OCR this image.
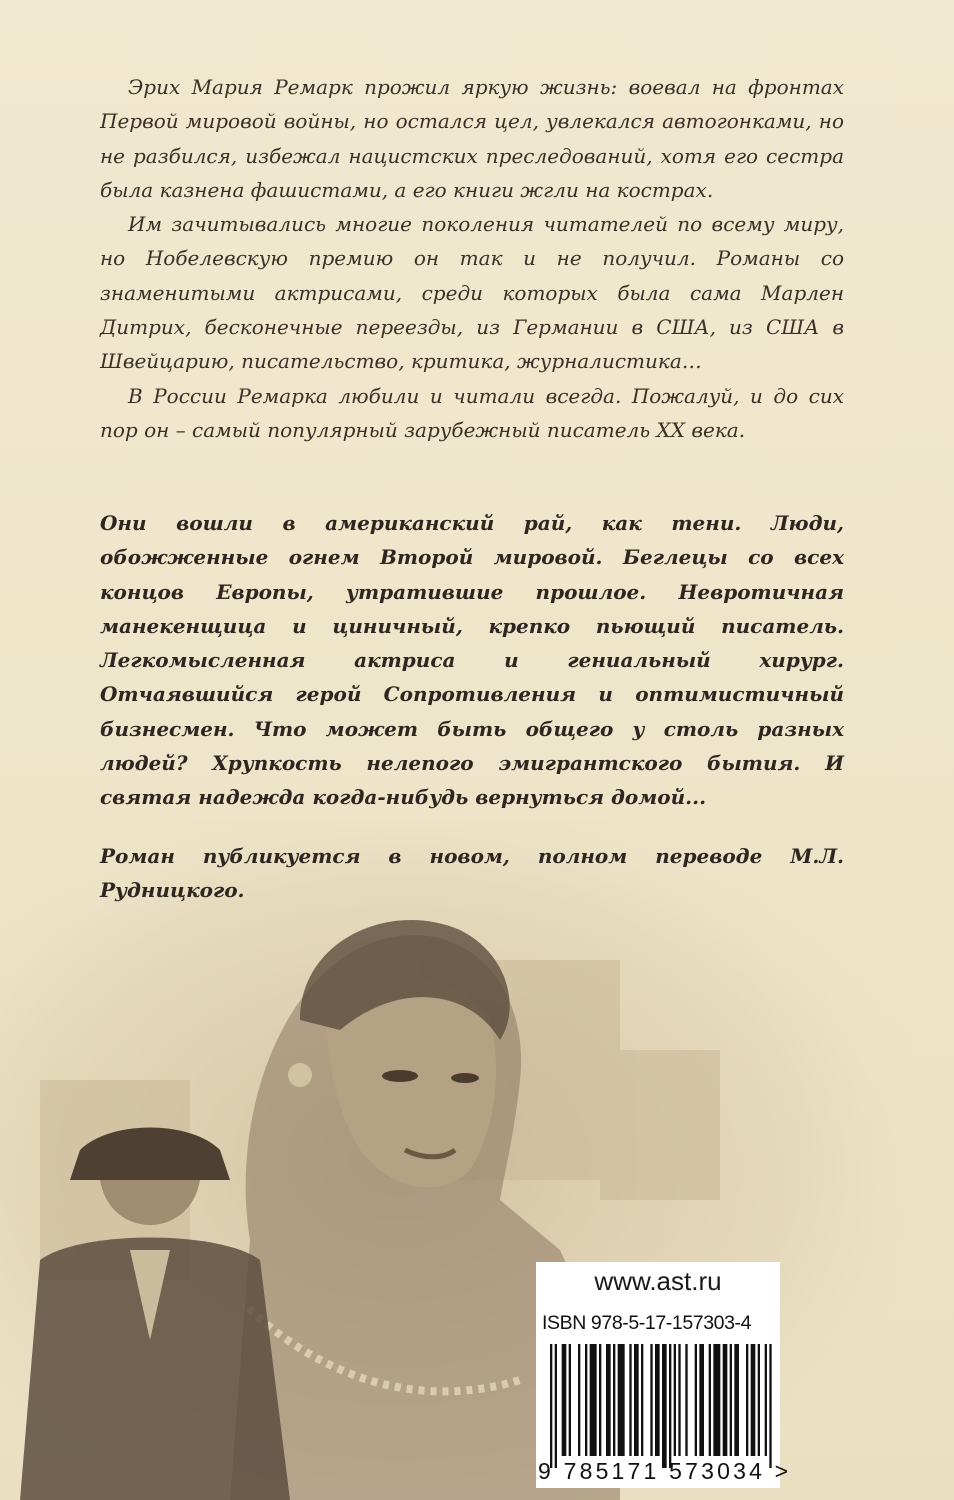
Эрих Мария Ремарк прожил яркую жизнь: воевал на фронтах Первой мировой войны, но остался цел, увлекался автогонками, но не разбился, избежал нацистских преследований, хотя его сестра была казнена фашистами, а его книги жгли на кострах.

Им зачитывались многие поколения читателей по всему миру, но Нобелевскую премию он так и не получил. Романы со знаменитыми актрисами, среди которых была сама Марлен Дитрих, бесконечные переезды, из Германии в США, из США в Швейцарию, писательство, критика, журналистика…

В России Ремарка любили и читали всегда. Пожалуй, и до сих пор он – самый популярный зарубежный писатель XX века.

Они вошли в американский рай, как тени. Люди, обожженные огнем Второй мировой. Беглецы со всех концов Европы, утратившие прошлое. Невротичная манекенщица и циничный, крепко пьющий писатель. Легкомысленная актриса и гениальный хирург. Отчаявшийся герой Сопротивления и оптимистичный бизнесмен. Что может быть общего у столь разных людей? Хрупкость нелепого эмигрантского бытия. И святая надежда когда-нибудь вернуться домой...

Роман публикуется в новом, полном переводе М.Л. Рудницкого.

www.ast.ru
ISBN 978-5-17-157303-4
9 785171 573034 >
